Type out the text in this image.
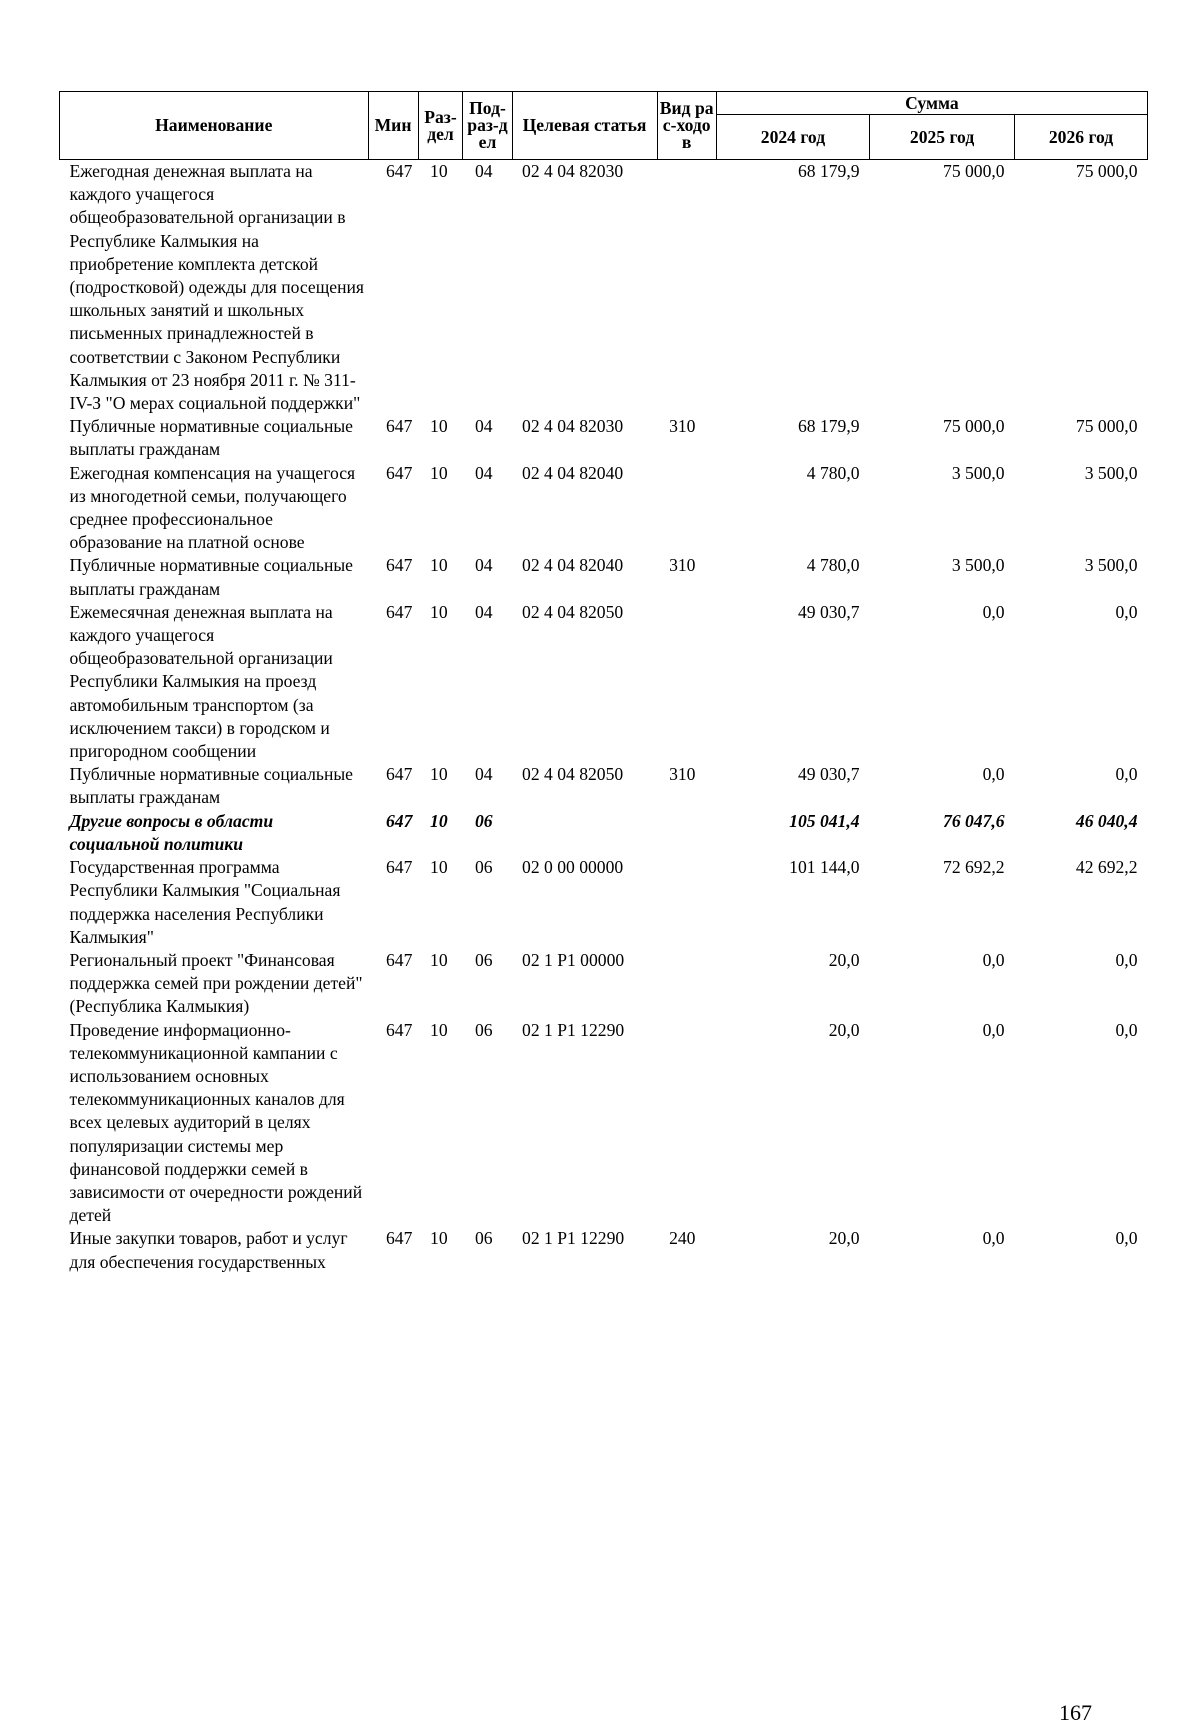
Наименование	Мин	Раз-дел	Под-раз-дел	Целевая статья	Вид рас-ходов	Сумма		
						2024 год	2025 год	2026 год
Ежегодная денежная выплата на каждого учащегося общеобразовательной организации в Республике Калмыкия на приобретение комплекта детской (подростковой) одежды для посещения школьных занятий и школьных письменных принадлежностей в соответствии с Законом Республики Калмыкия от 23 ноября 2011 г. № 311-IV-З "О мерах социальной поддержки"	647	10	04	02 4 04 82030		68 179,9	75 000,0	75 000,0
Публичные нормативные социальные выплаты гражданам	647	10	04	02 4 04 82030	310	68 179,9	75 000,0	75 000,0
Ежегодная компенсация на учащегося из многодетной семьи, получающего среднее профессиональное образование на платной основе	647	10	04	02 4 04 82040		4 780,0	3 500,0	3 500,0
Публичные нормативные социальные выплаты гражданам	647	10	04	02 4 04 82040	310	4 780,0	3 500,0	3 500,0
Ежемесячная денежная выплата на каждого учащегося общеобразовательной организации Республики Калмыкия на проезд автомобильным транспортом (за исключением такси) в городском и пригородном сообщении	647	10	04	02 4 04 82050		49 030,7	0,0	0,0
Публичные нормативные социальные выплаты гражданам	647	10	04	02 4 04 82050	310	49 030,7	0,0	0,0
Другие вопросы в области социальной политики	647	10	06			105 041,4	76 047,6	46 040,4
Государственная программа Республики Калмыкия "Социальная поддержка населения Республики Калмыкия"	647	10	06	02 0 00 00000		101 144,0	72 692,2	42 692,2
Региональный проект "Финансовая поддержка семей при рождении детей" (Республика Калмыкия)	647	10	06	02 1 Р1 00000		20,0	0,0	0,0
Проведение информационно-телекоммуникационной кампании с использованием основных телекоммуникационных каналов для всех целевых аудиторий в целях популяризации системы мер финансовой поддержки семей в зависимости от очередности рождений детей	647	10	06	02 1 Р1 12290		20,0	0,0	0,0
Иные закупки товаров, работ и услуг для обеспечения государственных	647	10	06	02 1 Р1 12290	240	20,0	0,0	0,0
167
